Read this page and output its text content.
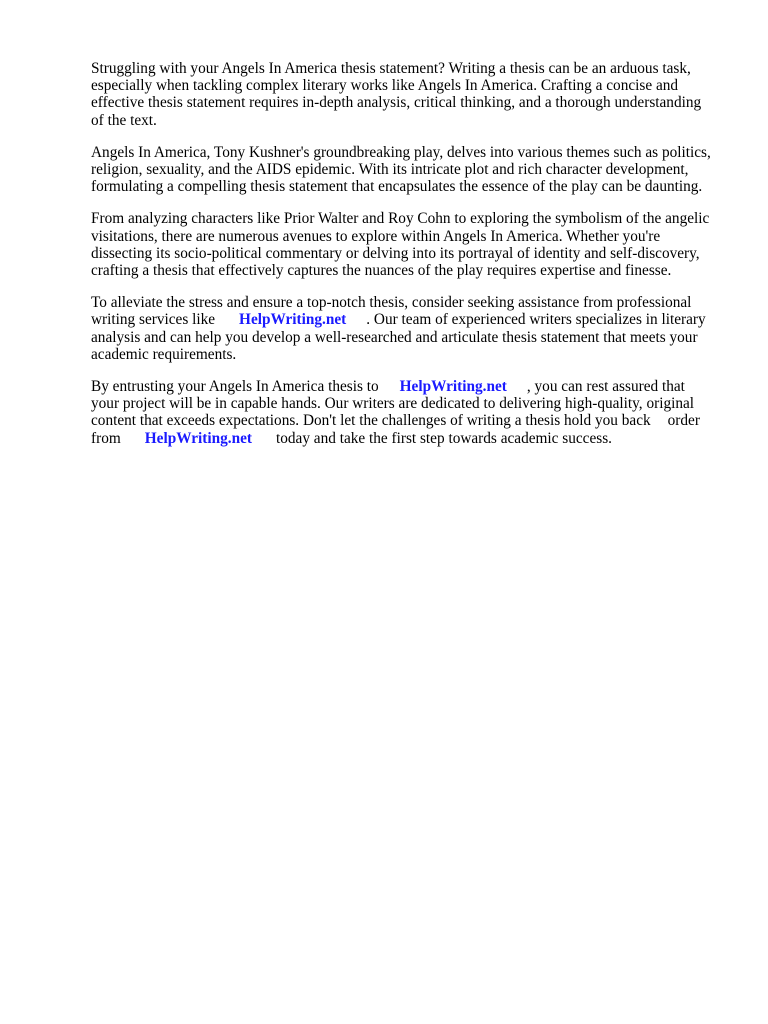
Struggling with your Angels In America thesis statement? Writing a thesis can be an arduous task,
especially when tackling complex literary works like Angels In America. Crafting a concise and
effective thesis statement requires in-depth analysis, critical thinking, and a thorough understanding
of the text.

Angels In America, Tony Kushner's groundbreaking play, delves into various themes such as politics,
religion, sexuality, and the AIDS epidemic. With its intricate plot and rich character development,
formulating a compelling thesis statement that encapsulates the essence of the play can be daunting.

From analyzing characters like Prior Walter and Roy Cohn to exploring the symbolism of the angelic
visitations, there are numerous avenues to explore within Angels In America. Whether you're
dissecting its socio-political commentary or delving into its portrayal of identity and self-discovery,
crafting a thesis that effectively captures the nuances of the play requires expertise and finesse.

To alleviate the stress and ensure a top-notch thesis, consider seeking assistance from professional
writing services like HelpWriting.net . Our team of experienced writers specializes in literary
analysis and can help you develop a well-researched and articulate thesis statement that meets your
academic requirements.

By entrusting your Angels In America thesis to HelpWriting.net , you can rest assured that
your project will be in capable hands. Our writers are dedicated to delivering high-quality, original
content that exceeds expectations. Don't let the challenges of writing a thesis hold you back order
from HelpWriting.net today and take the first step towards academic success.
